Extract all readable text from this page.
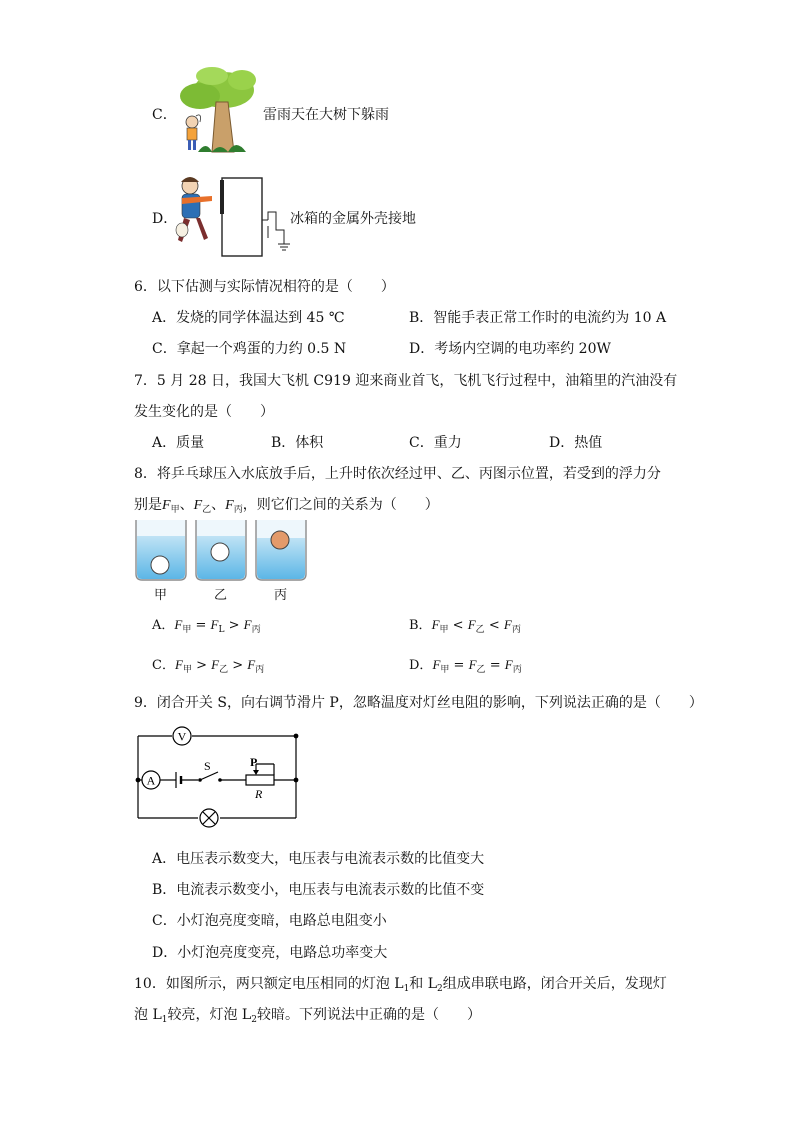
C．	雷雨天在大树下躲雨
D．	冰箱的金属外壳接地
6．以下估测与实际情况相符的是（　　）
A．发烧的同学体温达到 45 ℃	B．智能手表正常工作时的电流约为 10 A
C．拿起一个鸡蛋的力约 0.5 N	D．考场内空调的电功率约 20W
7．5 月 28 日，我国大飞机 C919 迎来商业首飞，飞机飞行过程中，油箱里的汽油没有
发生变化的是（　　）
A．质量	B．体积	C．重力	D．热值
8．将乒乓球压入水底放手后，上升时依次经过甲、乙、丙图示位置，若受到的浮力分
别是$F_甲$、$F_乙$、$F_丙$，则它们之间的关系为（　　）
甲	乙	丙
A．$F_甲 = F_L > F_丙$	B．$F_甲 < F_乙 < F_丙$
C．$F_甲 > F_乙 > F_丙$	D．$F_甲 = F_乙 = F_丙$
9．闭合开关 S，向右调节滑片 P，忽略温度对灯丝电阻的影响，下列说法正确的是（　　）
V
A
S	P
R
A．电压表示数变大，电压表与电流表示数的比值变大
B．电流表示数变小，电压表与电流表示数的比值不变
C．小灯泡亮度变暗，电路总电阻变小
D．小灯泡亮度变亮，电路总功率变大
10．如图所示，两只额定电压相同的灯泡 $L_1$和 $L_2$组成串联电路，闭合开关后，发现灯
泡 $L_1$较亮，灯泡 $L_2$较暗。下列说法中正确的是（　　）
